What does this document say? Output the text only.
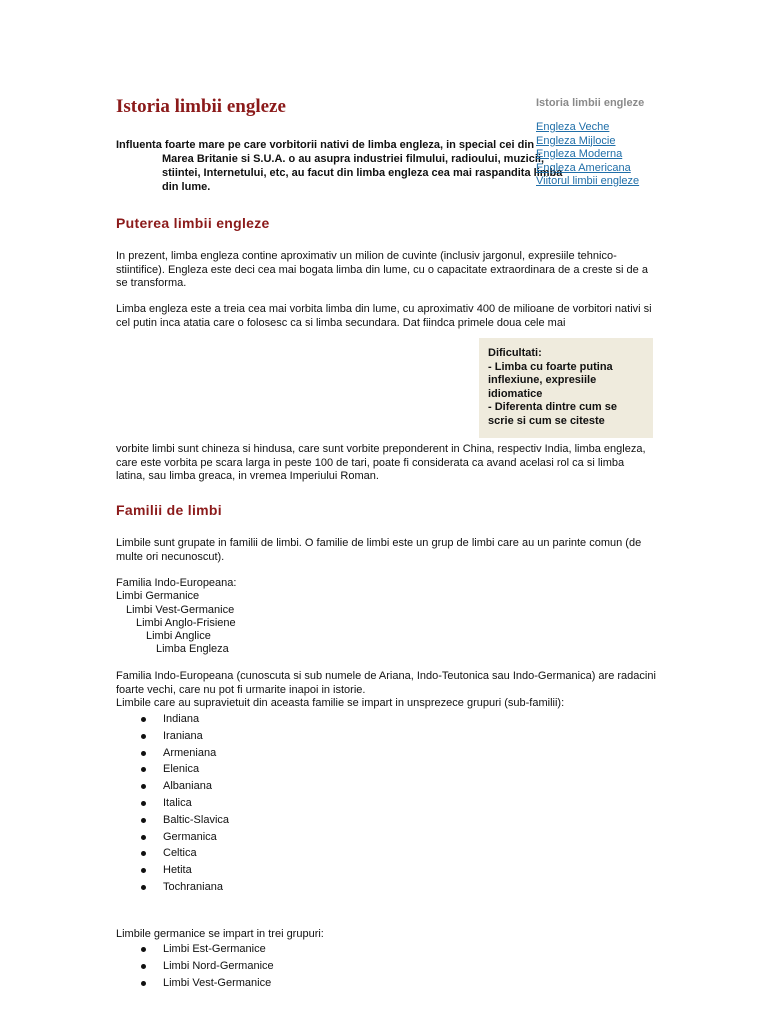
Istoria limbii engleze

Influenta foarte mare pe care vorbitorii nativi de limba engleza, in special cei din Marea Britanie si S.U.A. o au asupra industriei filmului, radioului, muzicii, stiintei, Internetului, etc, au facut din limba engleza cea mai raspandita limba din lume.

Istoria limbii engleze
Engleza Veche
Engleza Mijlocie
Engleza Moderna
Engleza Americana
Viitorul limbii engleze
Puterea limbii engleze

In prezent, limba engleza contine aproximativ un milion de cuvinte (inclusiv jargonul, expresiile tehnico-stiintifice). Engleza este deci cea mai bogata limba din lume, cu o capacitate extraordinara de a creste si de a se transforma.

Limba engleza este a treia cea mai vorbita limba din lume, cu aproximativ 400 de milioane de vorbitori nativi si cel putin inca atatia care o folosesc ca si limba secundara. Dat fiindca primele doua cele mai

Dificultati:

- Limba cu foarte putina inflexiune, expresiile idiomatice

- Diferenta dintre cum se scrie si cum se citeste

vorbite limbi sunt chineza si hindusa, care sunt vorbite preponderent in China, respectiv India, limba engleza, care este vorbita pe scara larga in peste 100 de tari, poate fi considerata ca avand acelasi rol ca si limba latina, sau limba greaca, in vremea Imperiului Roman.

Familii de limbi

Limbile sunt grupate in familii de limbi. O familie de limbi este un grup de limbi care au un parinte comun (de multe ori necunoscut).

Familia Indo-Europeana:
Limbi Germanice
Limbi Vest-Germanice
Limbi Anglo-Frisiene
Limbi Anglice
Limba Engleza

Familia Indo-Europeana (cunoscuta si sub numele de Ariana, Indo-Teutonica sau Indo-Germanica) are radacini foarte vechi, care nu pot fi urmarite inapoi in istorie.

Limbile care au supravietuit din aceasta familie se impart in unsprezece grupuri (sub-familii):

Indiana
Iraniana
Armeniana
Elenica
Albaniana
Italica
Baltic-Slavica
Germanica
Celtica
Hetita
Tochraniana

Limbile germanice se impart in trei grupuri:

Limbi Est-Germanice
Limbi Nord-Germanice
Limbi Vest-Germanice
